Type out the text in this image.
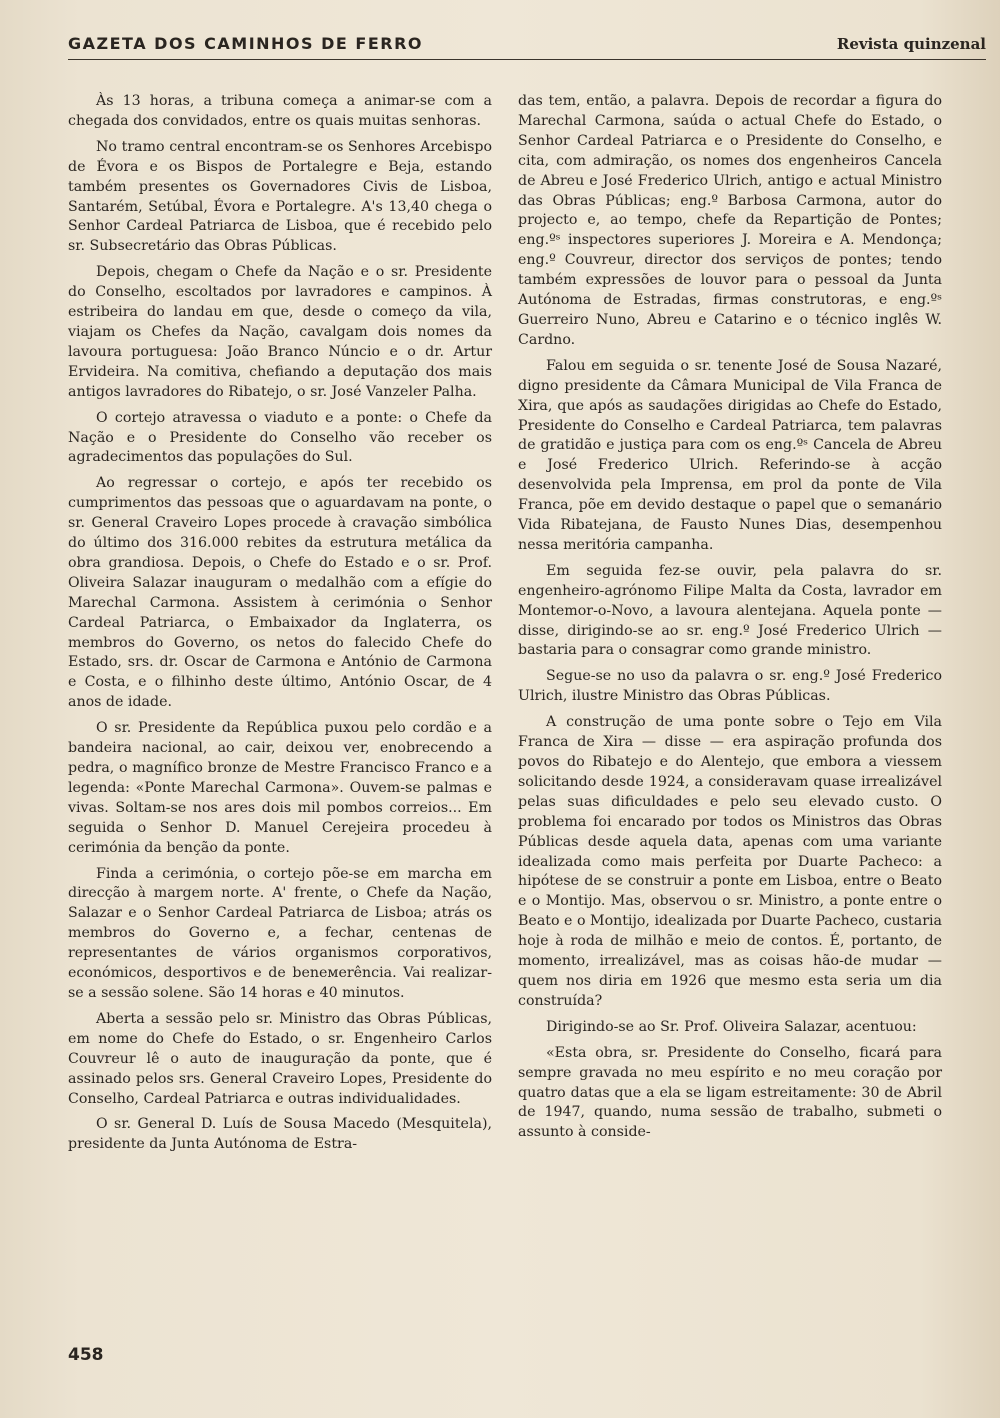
GAZETA DOS CAMINHOS DE FERRO	Revista quinzenal

Às 13 horas, a tribuna começa a animar-se com a chegada dos convidados, entre os quais muitas senhoras.

No tramo central encontram-se os Senhores Arcebispo de Évora e os Bispos de Portalegre e Beja, estando também presentes os Governadores Civis de Lisboa, Santarém, Setúbal, Évora e Portalegre. A's 13,40 chega o Senhor Cardeal Patriarca de Lisboa, que é recebido pelo sr. Subsecretário das Obras Públicas.

Depois, chegam o Chefe da Nação e o sr. Presidente do Conselho, escoltados por lavradores e campinos. À estribeira do landau em que, desde o começo da vila, viajam os Chefes da Nação, cavalgam dois nomes da lavoura portuguesa: João Branco Núncio e o dr. Artur Ervideira. Na comitiva, chefiando a deputação dos mais antigos lavradores do Ribatejo, o sr. José Vanzeler Palha.

O cortejo atravessa o viaduto e a ponte: o Chefe da Nação e o Presidente do Conselho vão receber os agradecimentos das populações do Sul.

Ao regressar o cortejo, e após ter recebido os cumprimentos das pessoas que o aguardavam na ponte, o sr. General Craveiro Lopes procede à cravação simbólica do último dos 316.000 rebites da estrutura metálica da obra grandiosa. Depois, o Chefe do Estado e o sr. Prof. Oliveira Salazar inauguram o medalhão com a efígie do Marechal Carmona. Assistem à cerimónia o Senhor Cardeal Patriarca, o Embaixador da Inglaterra, os membros do Governo, os netos do falecido Chefe do Estado, srs. dr. Oscar de Carmona e António de Carmona e Costa, e o filhinho deste último, António Oscar, de 4 anos de idade.

O sr. Presidente da República puxou pelo cordão e a bandeira nacional, ao cair, deixou ver, enobrecendo a pedra, o magnífico bronze de Mestre Francisco Franco e a legenda: «Ponte Marechal Carmona». Ouvem-se palmas e vivas. Soltam-se nos ares dois mil pombos correios... Em seguida o Senhor D. Manuel Cerejeira procedeu à cerimónia da benção da ponte.

Finda a cerimónia, o cortejo põe-se em marcha em direcção à margem norte. A' frente, o Chefe da Nação, Salazar e o Senhor Cardeal Patriarca de Lisboa; atrás os membros do Governo e, a fechar, centenas de representantes de vários organismos corporativos, económicos, desportivos e de beneмerência. Vai realizar-se a sessão solene. São 14 horas e 40 minutos.

Aberta a sessão pelo sr. Ministro das Obras Públicas, em nome do Chefe do Estado, o sr. Engenheiro Carlos Couvreur lê o auto de inauguração da ponte, que é assinado pelos srs. General Craveiro Lopes, Presidente do Conselho, Cardeal Patriarca e outras individualidades.

O sr. General D. Luís de Sousa Macedo (Mesquitela), presidente da Junta Autónoma de Estra-

das tem, então, a palavra. Depois de recordar a figura do Marechal Carmona, saúda o actual Chefe do Estado, o Senhor Cardeal Patriarca e o Presidente do Conselho, e cita, com admiração, os nomes dos engenheiros Cancela de Abreu e José Frederico Ulrich, antigo e actual Ministro das Obras Públicas; eng.º Barbosa Carmona, autor do projecto e, ao tempo, chefe da Repartição de Pontes; eng.ºˢ inspectores superiores J. Moreira e A. Mendonça; eng.º Couvreur, director dos serviços de pontes; tendo também expressões de louvor para o pessoal da Junta Autónoma de Estradas, firmas construtoras, e eng.ºˢ Guerreiro Nuno, Abreu e Catarino e o técnico inglês W. Cardno.

Falou em seguida o sr. tenente José de Sousa Nazaré, digno presidente da Câmara Municipal de Vila Franca de Xira, que após as saudações dirigidas ao Chefe do Estado, Presidente do Conselho e Cardeal Patriarca, tem palavras de gratidão e justiça para com os eng.ºˢ Cancela de Abreu e José Frederico Ulrich. Referindo-se à acção desenvolvida pela Imprensa, em prol da ponte de Vila Franca, põe em devido destaque o papel que o semanário Vida Ribatejana, de Fausto Nunes Dias, desempenhou nessa meritória campanha.

Em seguida fez-se ouvir, pela palavra do sr. engenheiro-agrónomo Filipe Malta da Costa, lavrador em Montemor-o-Novo, a lavoura alentejana. Aquela ponte — disse, dirigindo-se ao sr. eng.º José Frederico Ulrich — bastaria para o consagrar como grande ministro.

Segue-se no uso da palavra o sr. eng.º José Frederico Ulrich, ilustre Ministro das Obras Públicas.

A construção de uma ponte sobre o Tejo em Vila Franca de Xira — disse — era aspiração profunda dos povos do Ribatejo e do Alentejo, que embora a viessem solicitando desde 1924, a consideravam quase irrealizável pelas suas dificuldades e pelo seu elevado custo. O problema foi encarado por todos os Ministros das Obras Públicas desde aquela data, apenas com uma variante idealizada como mais perfeita por Duarte Pacheco: a hipótese de se construir a ponte em Lisboa, entre o Beato e o Montijo. Mas, observou o sr. Ministro, a ponte entre o Beato e o Montijo, idealizada por Duarte Pacheco, custaria hoje à roda de milhão e meio de contos. É, portanto, de momento, irrealizável, mas as coisas hão-de mudar — quem nos diria em 1926 que mesmo esta seria um dia construída?

Dirigindo-se ao Sr. Prof. Oliveira Salazar, acentuou:

«Esta obra, sr. Presidente do Conselho, ficará para sempre gravada no meu espírito e no meu coração por quatro datas que a ela se ligam estreitamente: 30 de Abril de 1947, quando, numa sessão de trabalho, submeti o assunto à conside-

458
